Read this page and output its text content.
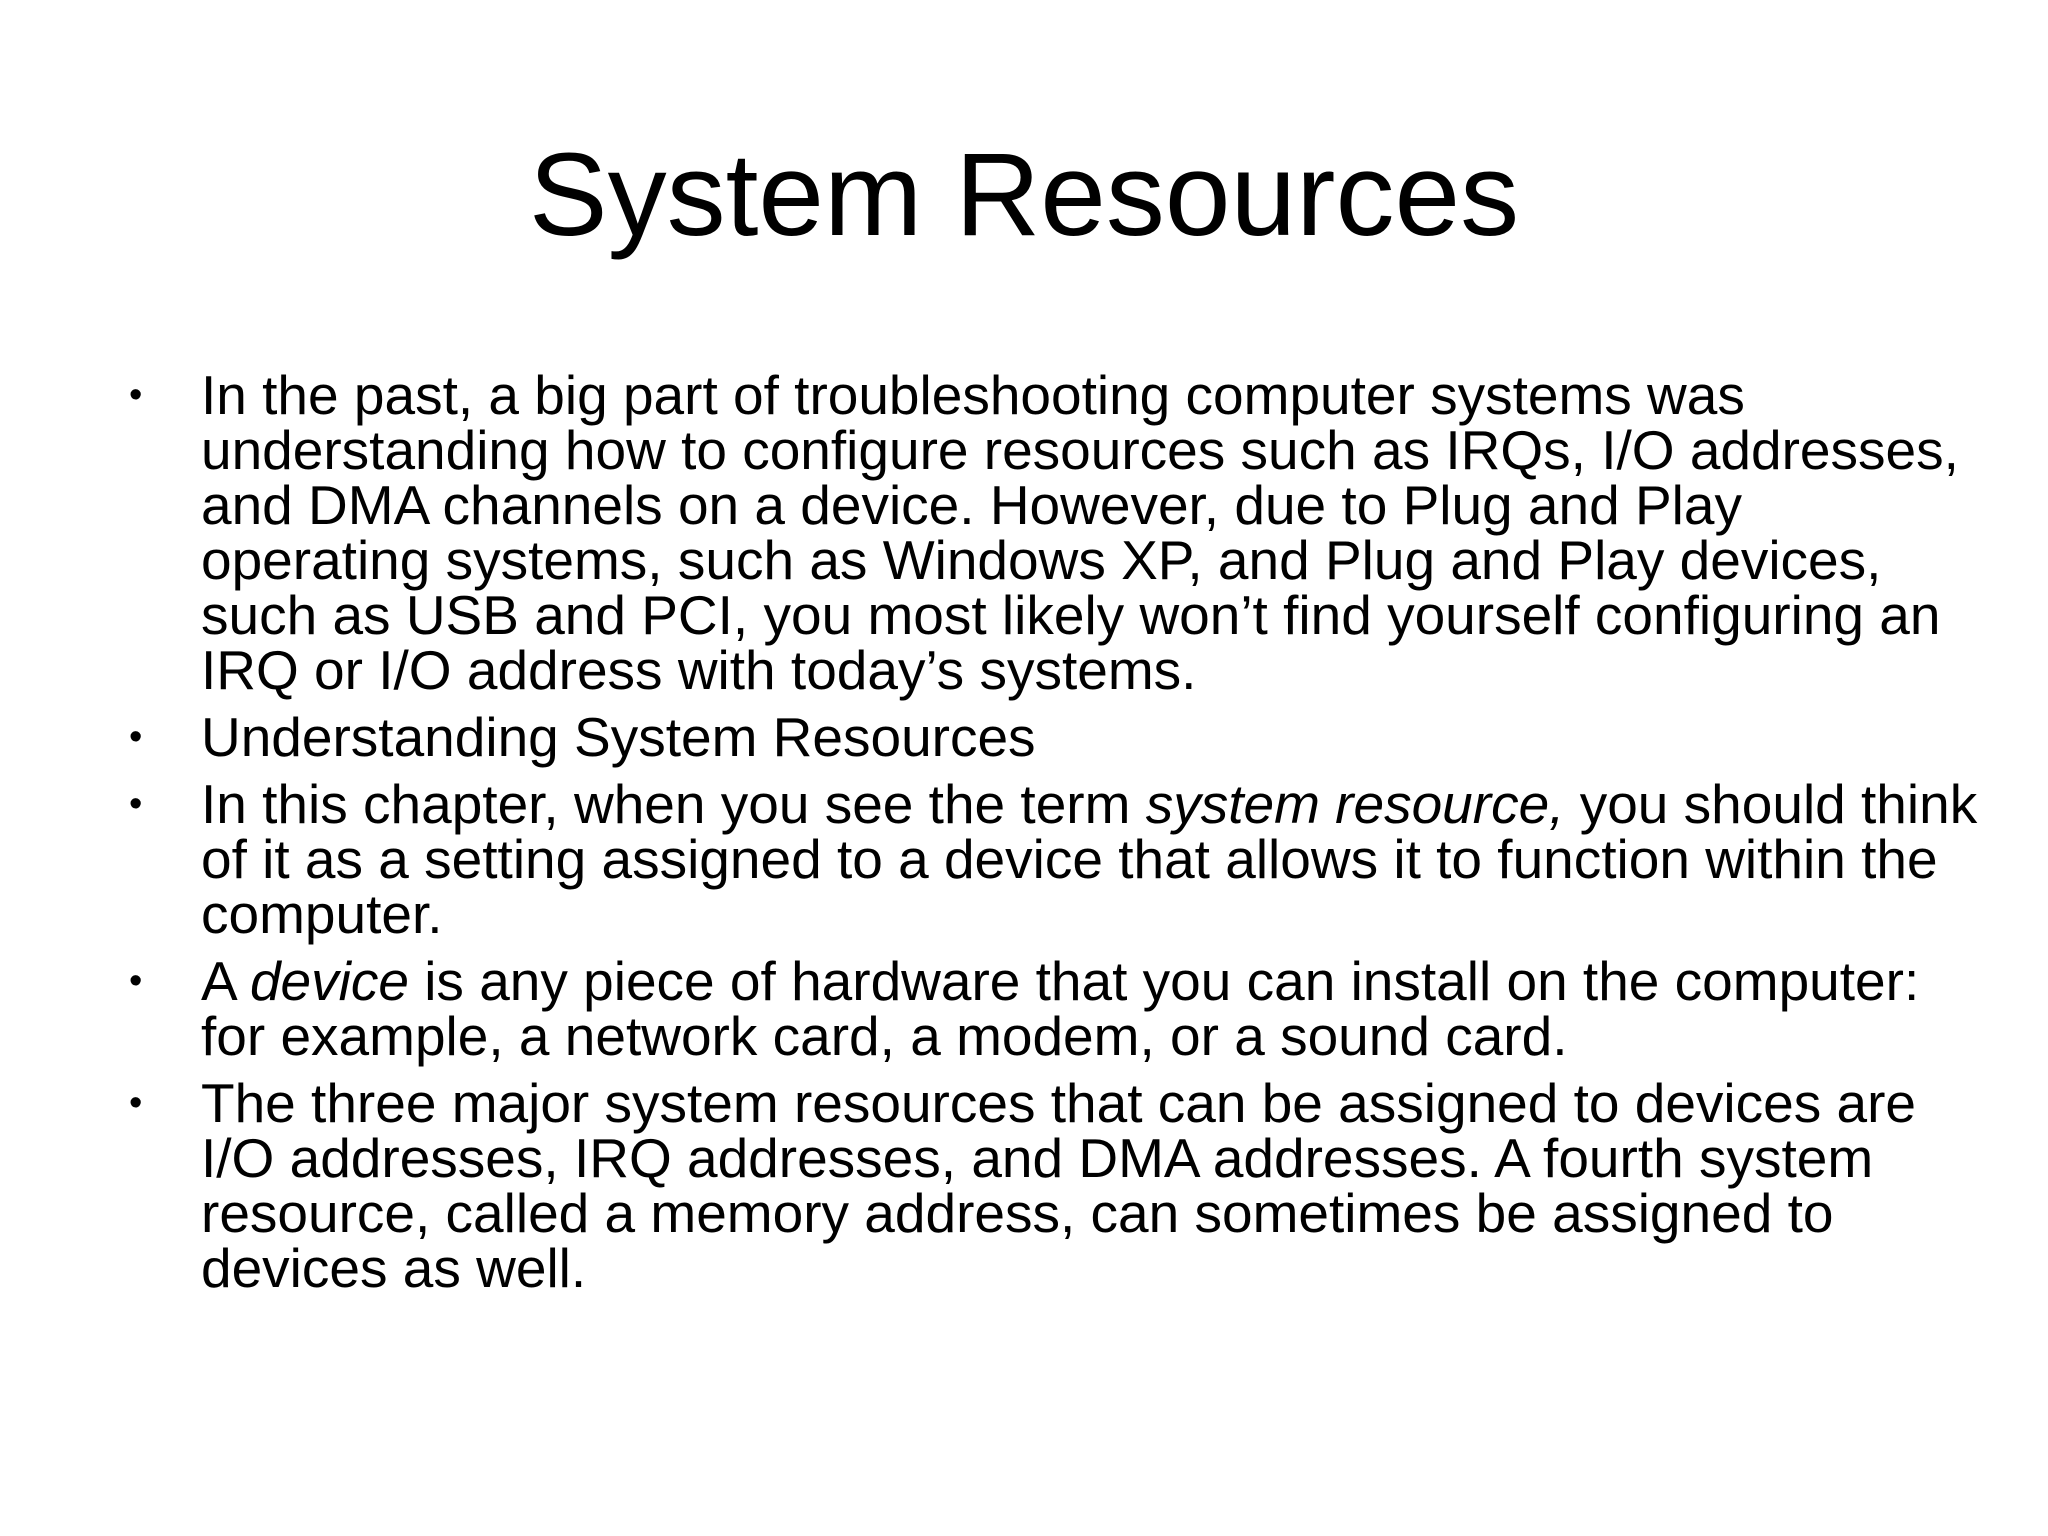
System Resources
• In the past, a big part of troubleshooting computer systems was understanding how to configure resources such as IRQs, I/O addresses, and DMA channels on a device. However, due to Plug and Play operating systems, such as Windows XP, and Plug and Play devices, such as USB and PCI, you most likely won’t find yourself configuring an IRQ or I/O address with today’s systems.
• Understanding System Resources
• In this chapter, when you see the term system resource, you should think of it as a setting assigned to a device that allows it to function within the computer.
• A device is any piece of hardware that you can install on the computer: for example, a network card, a modem, or a sound card.
• The three major system resources that can be assigned to devices are I/O addresses, IRQ addresses, and DMA addresses. A fourth system resource, called a memory address, can sometimes be assigned to devices as well.
